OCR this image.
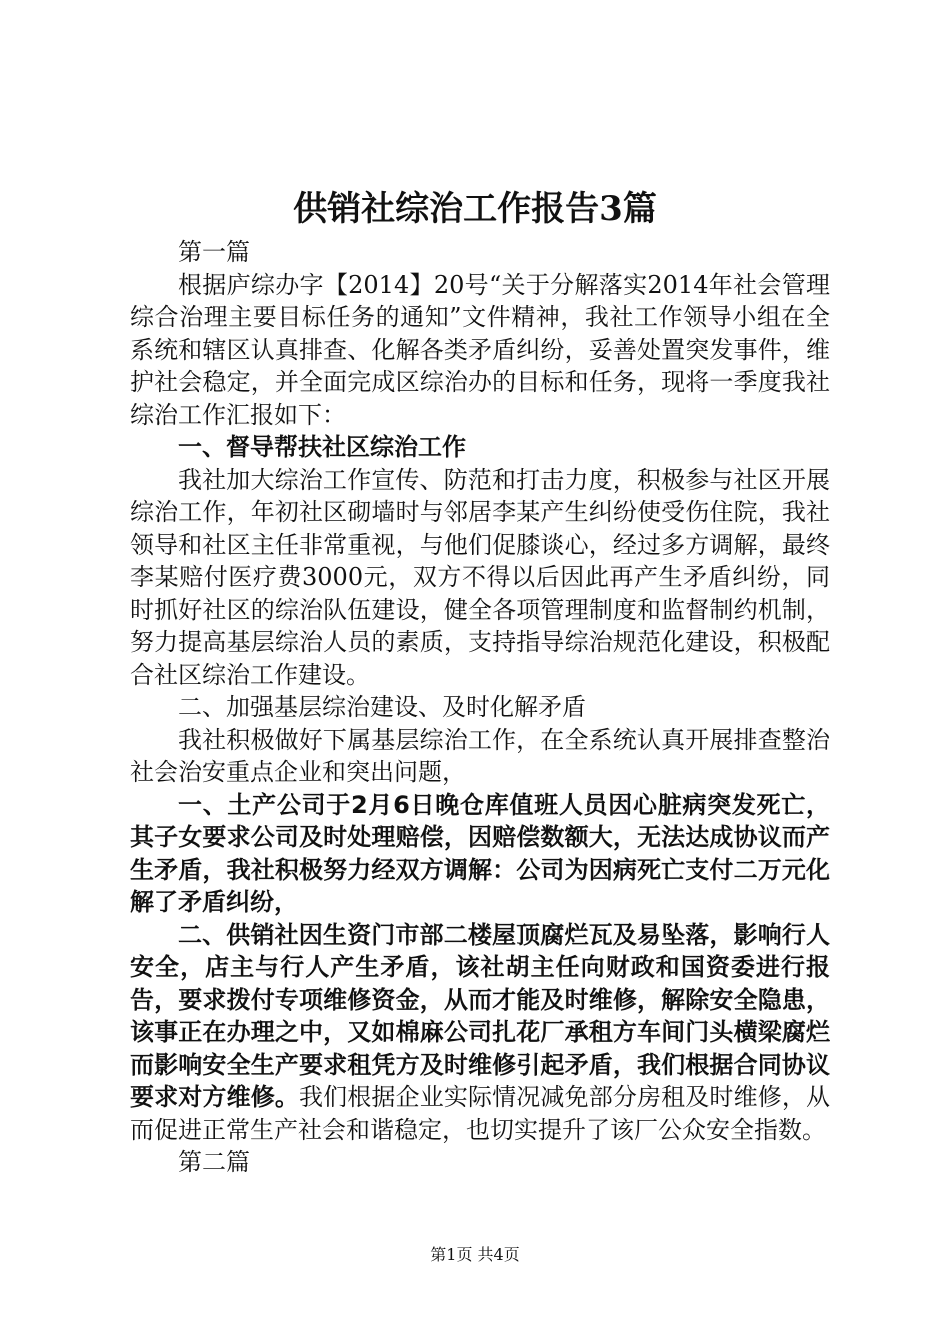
供销社综治工作报告3篇

第一篇

根据庐综办字【2014】20号“关于分解落实2014年社会管理综合治理主要目标任务的通知”文件精神，我社工作领导小组在全系统和辖区认真排查、化解各类矛盾纠纷，妥善处置突发事件，维护社会稳定，并全面完成区综治办的目标和任务，现将一季度我社综治工作汇报如下：

一、督导帮扶社区综治工作

我社加大综治工作宣传、防范和打击力度，积极参与社区开展综治工作，年初社区砌墙时与邻居李某产生纠纷使受伤住院，我社领导和社区主任非常重视，与他们促膝谈心，经过多方调解，最终李某赔付医疗费3000元，双方不得以后因此再产生矛盾纠纷，同时抓好社区的综治队伍建设，健全各项管理制度和监督制约机制，努力提高基层综治人员的素质，支持指导综治规范化建设，积极配合社区综治工作建设。

二、加强基层综治建设、及时化解矛盾

我社积极做好下属基层综治工作，在全系统认真开展排查整治社会治安重点企业和突出问题，

一、土产公司于2月6日晚仓库值班人员因心脏病突发死亡，其子女要求公司及时处理赔偿，因赔偿数额大，无法达成协议而产生矛盾，我社积极努力经双方调解：公司为因病死亡支付二万元化解了矛盾纠纷，

二、供销社因生资门市部二楼屋顶腐烂瓦及易坠落，影响行人安全，店主与行人产生矛盾，该社胡主任向财政和国资委进行报告，要求拨付专项维修资金，从而才能及时维修，解除安全隐患，该事正在办理之中，又如棉麻公司扎花厂承租方车间门头横梁腐烂而影响安全生产要求租凭方及时维修引起矛盾，我们根据合同协议要求对方维修。我们根据企业实际情况减免部分房租及时维修，从而促进正常生产社会和谐稳定，也切实提升了该厂公众安全指数。

第二篇

第1页 共4页
